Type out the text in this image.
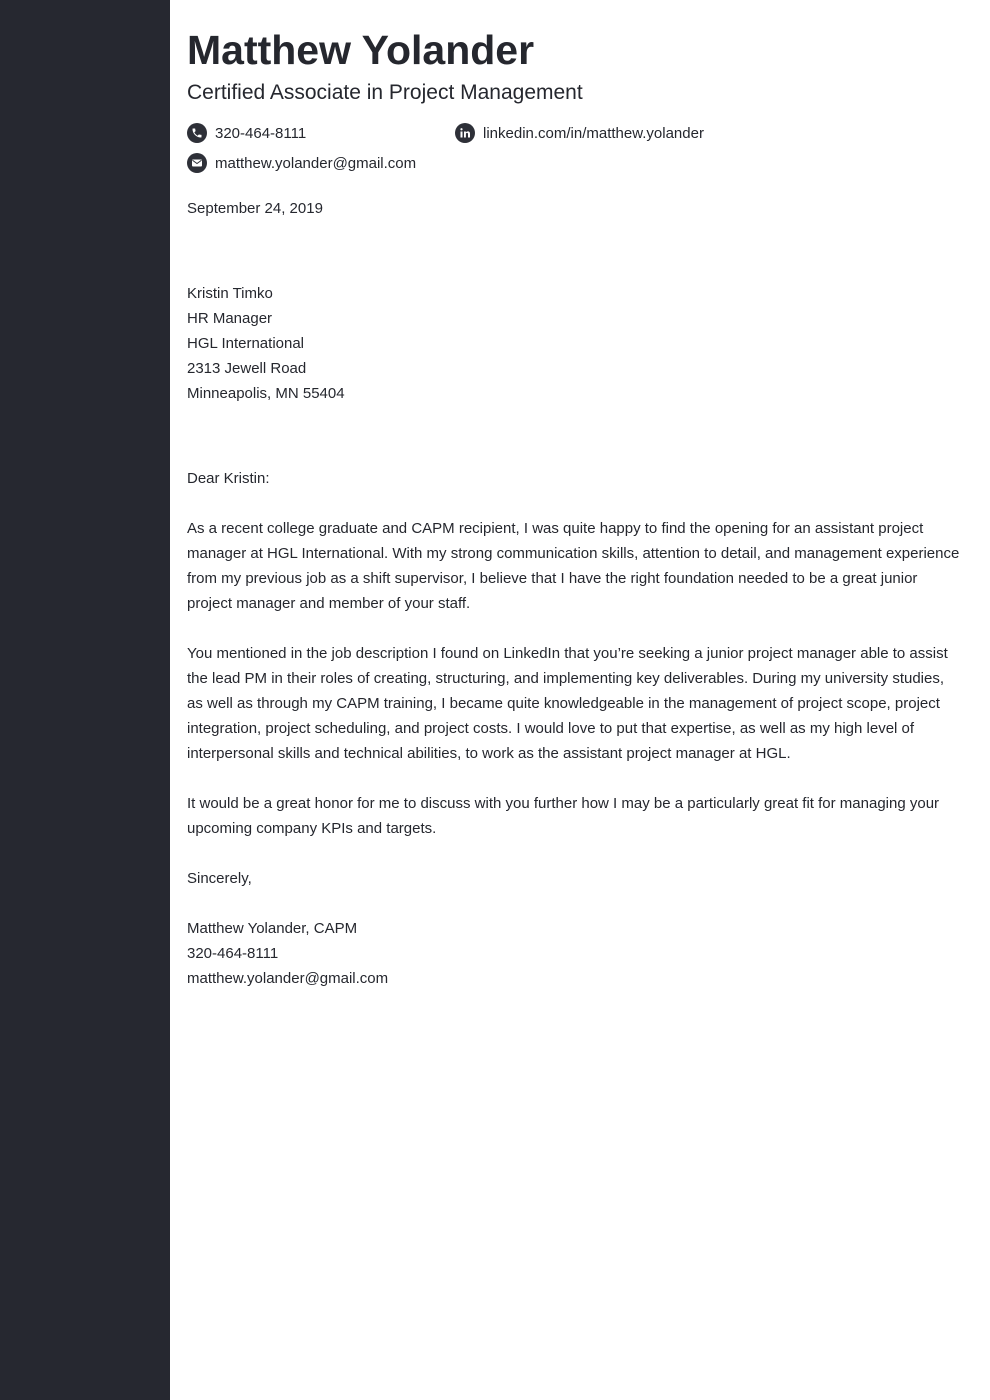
Matthew Yolander
Certified Associate in Project Management
320-464-8111	linkedin.com/in/matthew.yolander
matthew.yolander@gmail.com

September 24, 2019

Kristin Timko

HR Manager

HGL International

2313 Jewell Road

Minneapolis, MN 55404

Dear Kristin:

As a recent college graduate and CAPM recipient, I was quite happy to find the opening for an assistant project manager at HGL International. With my strong communication skills, attention to detail, and management experience from my previous job as a shift supervisor, I believe that I have the right foundation needed to be a great junior project manager and member of your staff.

You mentioned in the job description I found on LinkedIn that you’re seeking a junior project manager able to assist the lead PM in their roles of creating, structuring, and implementing key deliverables. During my university studies, as well as through my CAPM training, I became quite knowledgeable in the management of project scope, project integration, project scheduling, and project costs. I would love to put that expertise, as well as my high level of interpersonal skills and technical abilities, to work as the assistant project manager at HGL.

It would be a great honor for me to discuss with you further how I may be a particularly great fit for managing your upcoming company KPIs and targets.

Sincerely,

Matthew Yolander, CAPM

320-464-8111

matthew.yolander@gmail.com
